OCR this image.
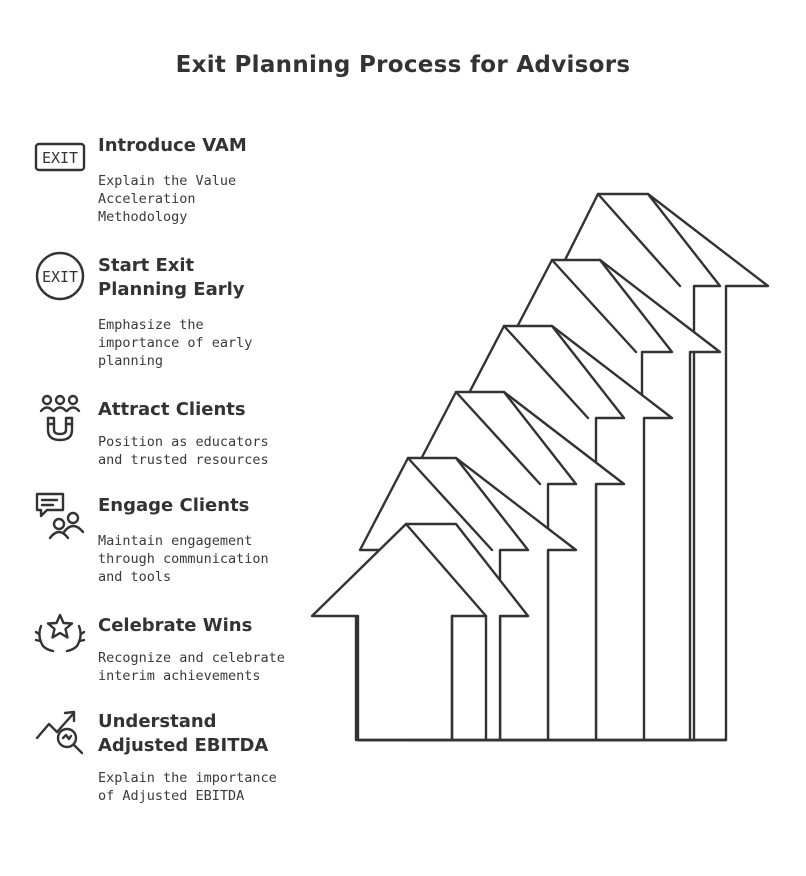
Exit Planning Process for Advisors
EXIT
Introduce VAM
Explain the Value Acceleration Methodology
EXIT
Start Exit Planning Early
Emphasize the importance of early planning
Attract Clients
Position as educators and trusted resources
Engage Clients
Maintain engagement through communication and tools
Celebrate Wins
Recognize and celebrate interim achievements
Understand Adjusted EBITDA
Explain the importance of Adjusted EBITDA
